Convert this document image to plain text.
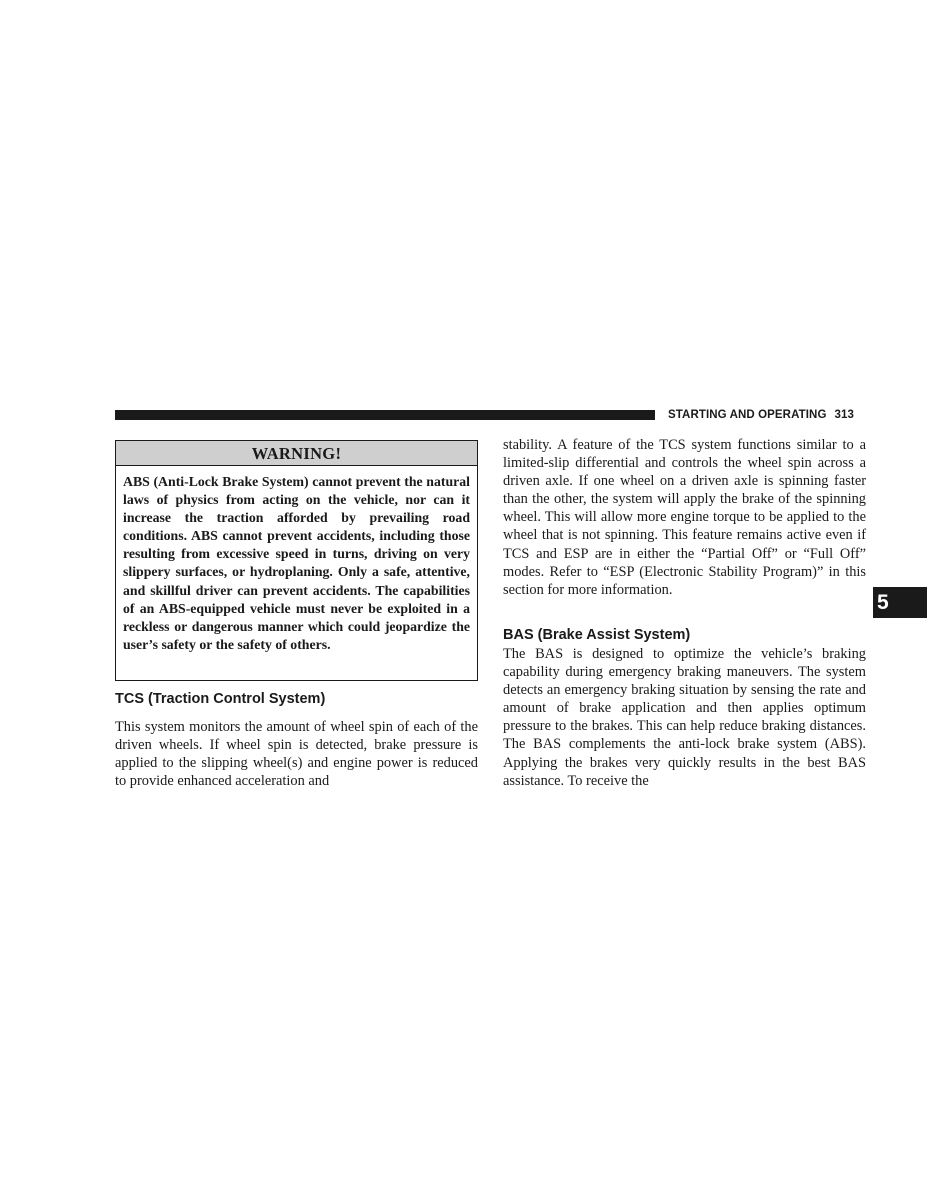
STARTING AND OPERATING 313
5
WARNING!
ABS (Anti-Lock Brake System) cannot prevent the natural laws of physics from acting on the vehicle, nor can it increase the traction afforded by prevailing road conditions. ABS cannot prevent accidents, including those resulting from excessive speed in turns, driving on very slippery surfaces, or hydroplaning. Only a safe, attentive, and skillful driver can prevent accidents. The capabilities of an ABS-equipped vehicle must never be exploited in a reckless or dangerous manner which could jeopardize the user’s safety or the safety of others.
TCS (Traction Control System)
This system monitors the amount of wheel spin of each of the driven wheels. If wheel spin is detected, brake pressure is applied to the slipping wheel(s) and engine power is reduced to provide enhanced acceleration and
stability. A feature of the TCS system functions similar to a limited-slip differential and controls the wheel spin across a driven axle. If one wheel on a driven axle is spinning faster than the other, the system will apply the brake of the spinning wheel. This will allow more engine torque to be applied to the wheel that is not spinning. This feature remains active even if TCS and ESP are in either the “Partial Off” or “Full Off” modes. Refer to “ESP (Electronic Stability Program)” in this section for more information.
BAS (Brake Assist System)
The BAS is designed to optimize the vehicle’s braking capability during emergency braking maneuvers. The system detects an emergency braking situation by sensing the rate and amount of brake application and then applies optimum pressure to the brakes. This can help reduce braking distances. The BAS complements the anti-lock brake system (ABS). Applying the brakes very quickly results in the best BAS assistance. To receive the
